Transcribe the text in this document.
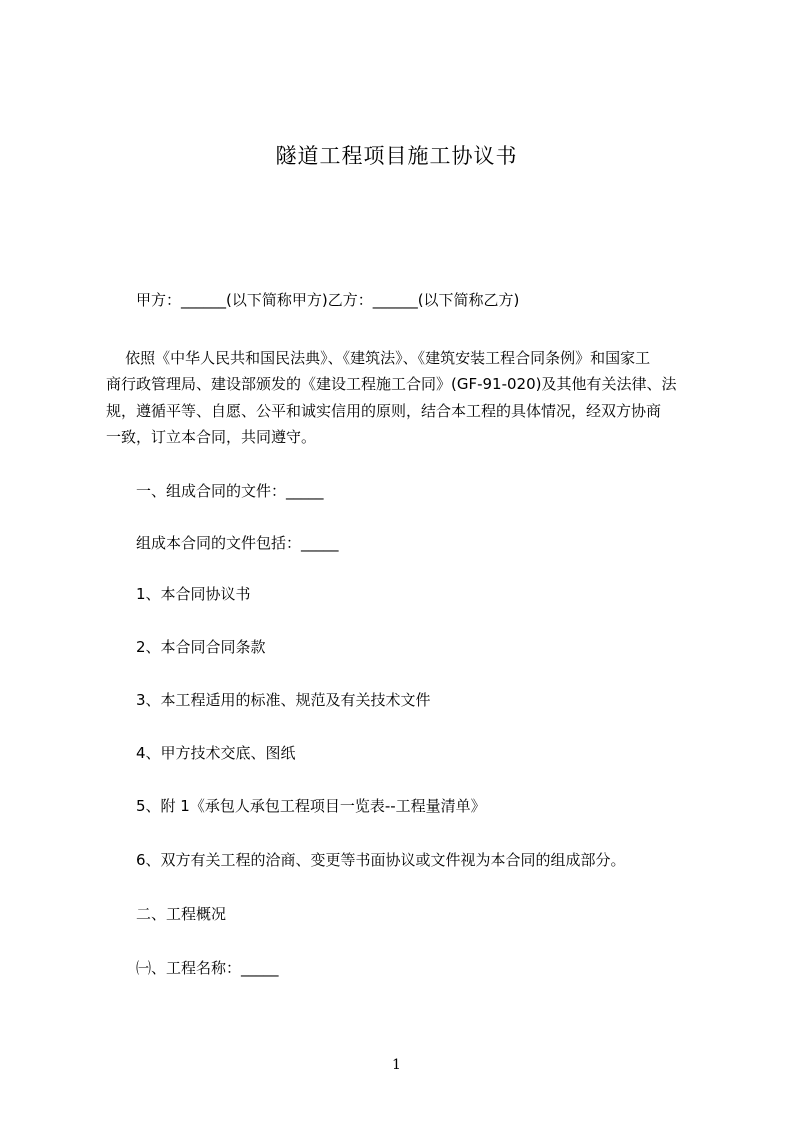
隧道工程项目施工协议书
甲方：______(以下简称甲方)乙方：______(以下简称乙方)
依照《中华人民共和国民法典》、《建筑法》、《建筑安装工程合同条例》和国家工
商行政管理局、建设部颁发的《建设工程施工合同》(GF-91-020)及其他有关法律、法
规，遵循平等、自愿、公平和诚实信用的原则，结合本工程的具体情况，经双方协商
一致，订立本合同，共同遵守。
一、组成合同的文件：_____
组成本合同的文件包括：_____
1、本合同协议书
2、本合同合同条款
3、本工程适用的标准、规范及有关技术文件
4、甲方技术交底、图纸
5、附 1《承包人承包工程项目一览表--工程量清单》
6、双方有关工程的洽商、变更等书面协议或文件视为本合同的组成部分。
二、工程概况
㈠、工程名称：_____
1
